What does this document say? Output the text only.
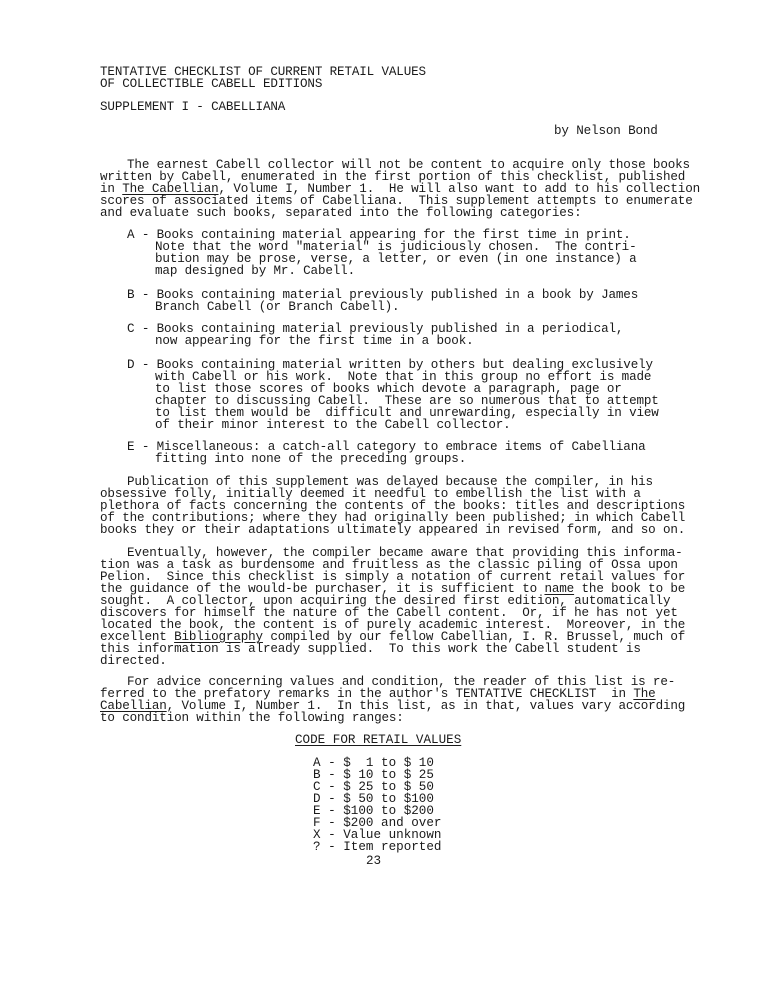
TENTATIVE CHECKLIST OF CURRENT RETAIL VALUES
OF COLLECTIBLE CABELL EDITIONS
SUPPLEMENT I - CABELLIANA
by Nelson Bond
The earnest Cabell collector will not be content to acquire only those books
written by Cabell, enumerated in the first portion of this checklist, published
in The Cabellian, Volume I, Number 1.  He will also want to add to his collection
scores of associated items of Cabelliana.  This supplement attempts to enumerate
and evaluate such books, separated into the following categories:
A - Books containing material appearing for the first time in print.
Note that the word "material" is judiciously chosen.  The contri-
bution may be prose, verse, a letter, or even (in one instance) a
map designed by Mr. Cabell.
B - Books containing material previously published in a book by James
Branch Cabell (or Branch Cabell).
C - Books containing material previously published in a periodical,
now appearing for the first time in a book.
D - Books containing material written by others but dealing exclusively
with Cabell or his work.  Note that in this group no effort is made
to list those scores of books which devote a paragraph, page or
chapter to discussing Cabell.  These are so numerous that to attempt
to list them would be  difficult and unrewarding, especially in view
of their minor interest to the Cabell collector.
E - Miscellaneous: a catch-all category to embrace items of Cabelliana
fitting into none of the preceding groups.
Publication of this supplement was delayed because the compiler, in his
obsessive folly, initially deemed it needful to embellish the list with a
plethora of facts concerning the contents of the books: titles and descriptions
of the contributions; where they had originally been published; in which Cabell
books they or their adaptations ultimately appeared in revised form, and so on.
Eventually, however, the compiler became aware that providing this informa-
tion was a task as burdensome and fruitless as the classic piling of Ossa upon
Pelion.  Since this checklist is simply a notation of current retail values for
the guidance of the would-be purchaser, it is sufficient to name the book to be
sought.  A collector, upon acquiring the desired first edition, automatically
discovers for himself the nature of the Cabell content.  Or, if he has not yet
located the book, the content is of purely academic interest.  Moreover, in the
excellent Bibliography compiled by our fellow Cabellian, I. R. Brussel, much of
this information is already supplied.  To this work the Cabell student is
directed.
For advice concerning values and condition, the reader of this list is re-
ferred to the prefatory remarks in the author's TENTATIVE CHECKLIST  in The
Cabellian, Volume I, Number 1.  In this list, as in that, values vary according
to condition within the following ranges:
CODE FOR RETAIL VALUES
A - $  1 to $ 10
B - $ 10 to $ 25
C - $ 25 to $ 50
D - $ 50 to $100
E - $100 to $200
F - $200 and over
X - Value unknown
? - Item reported
23
